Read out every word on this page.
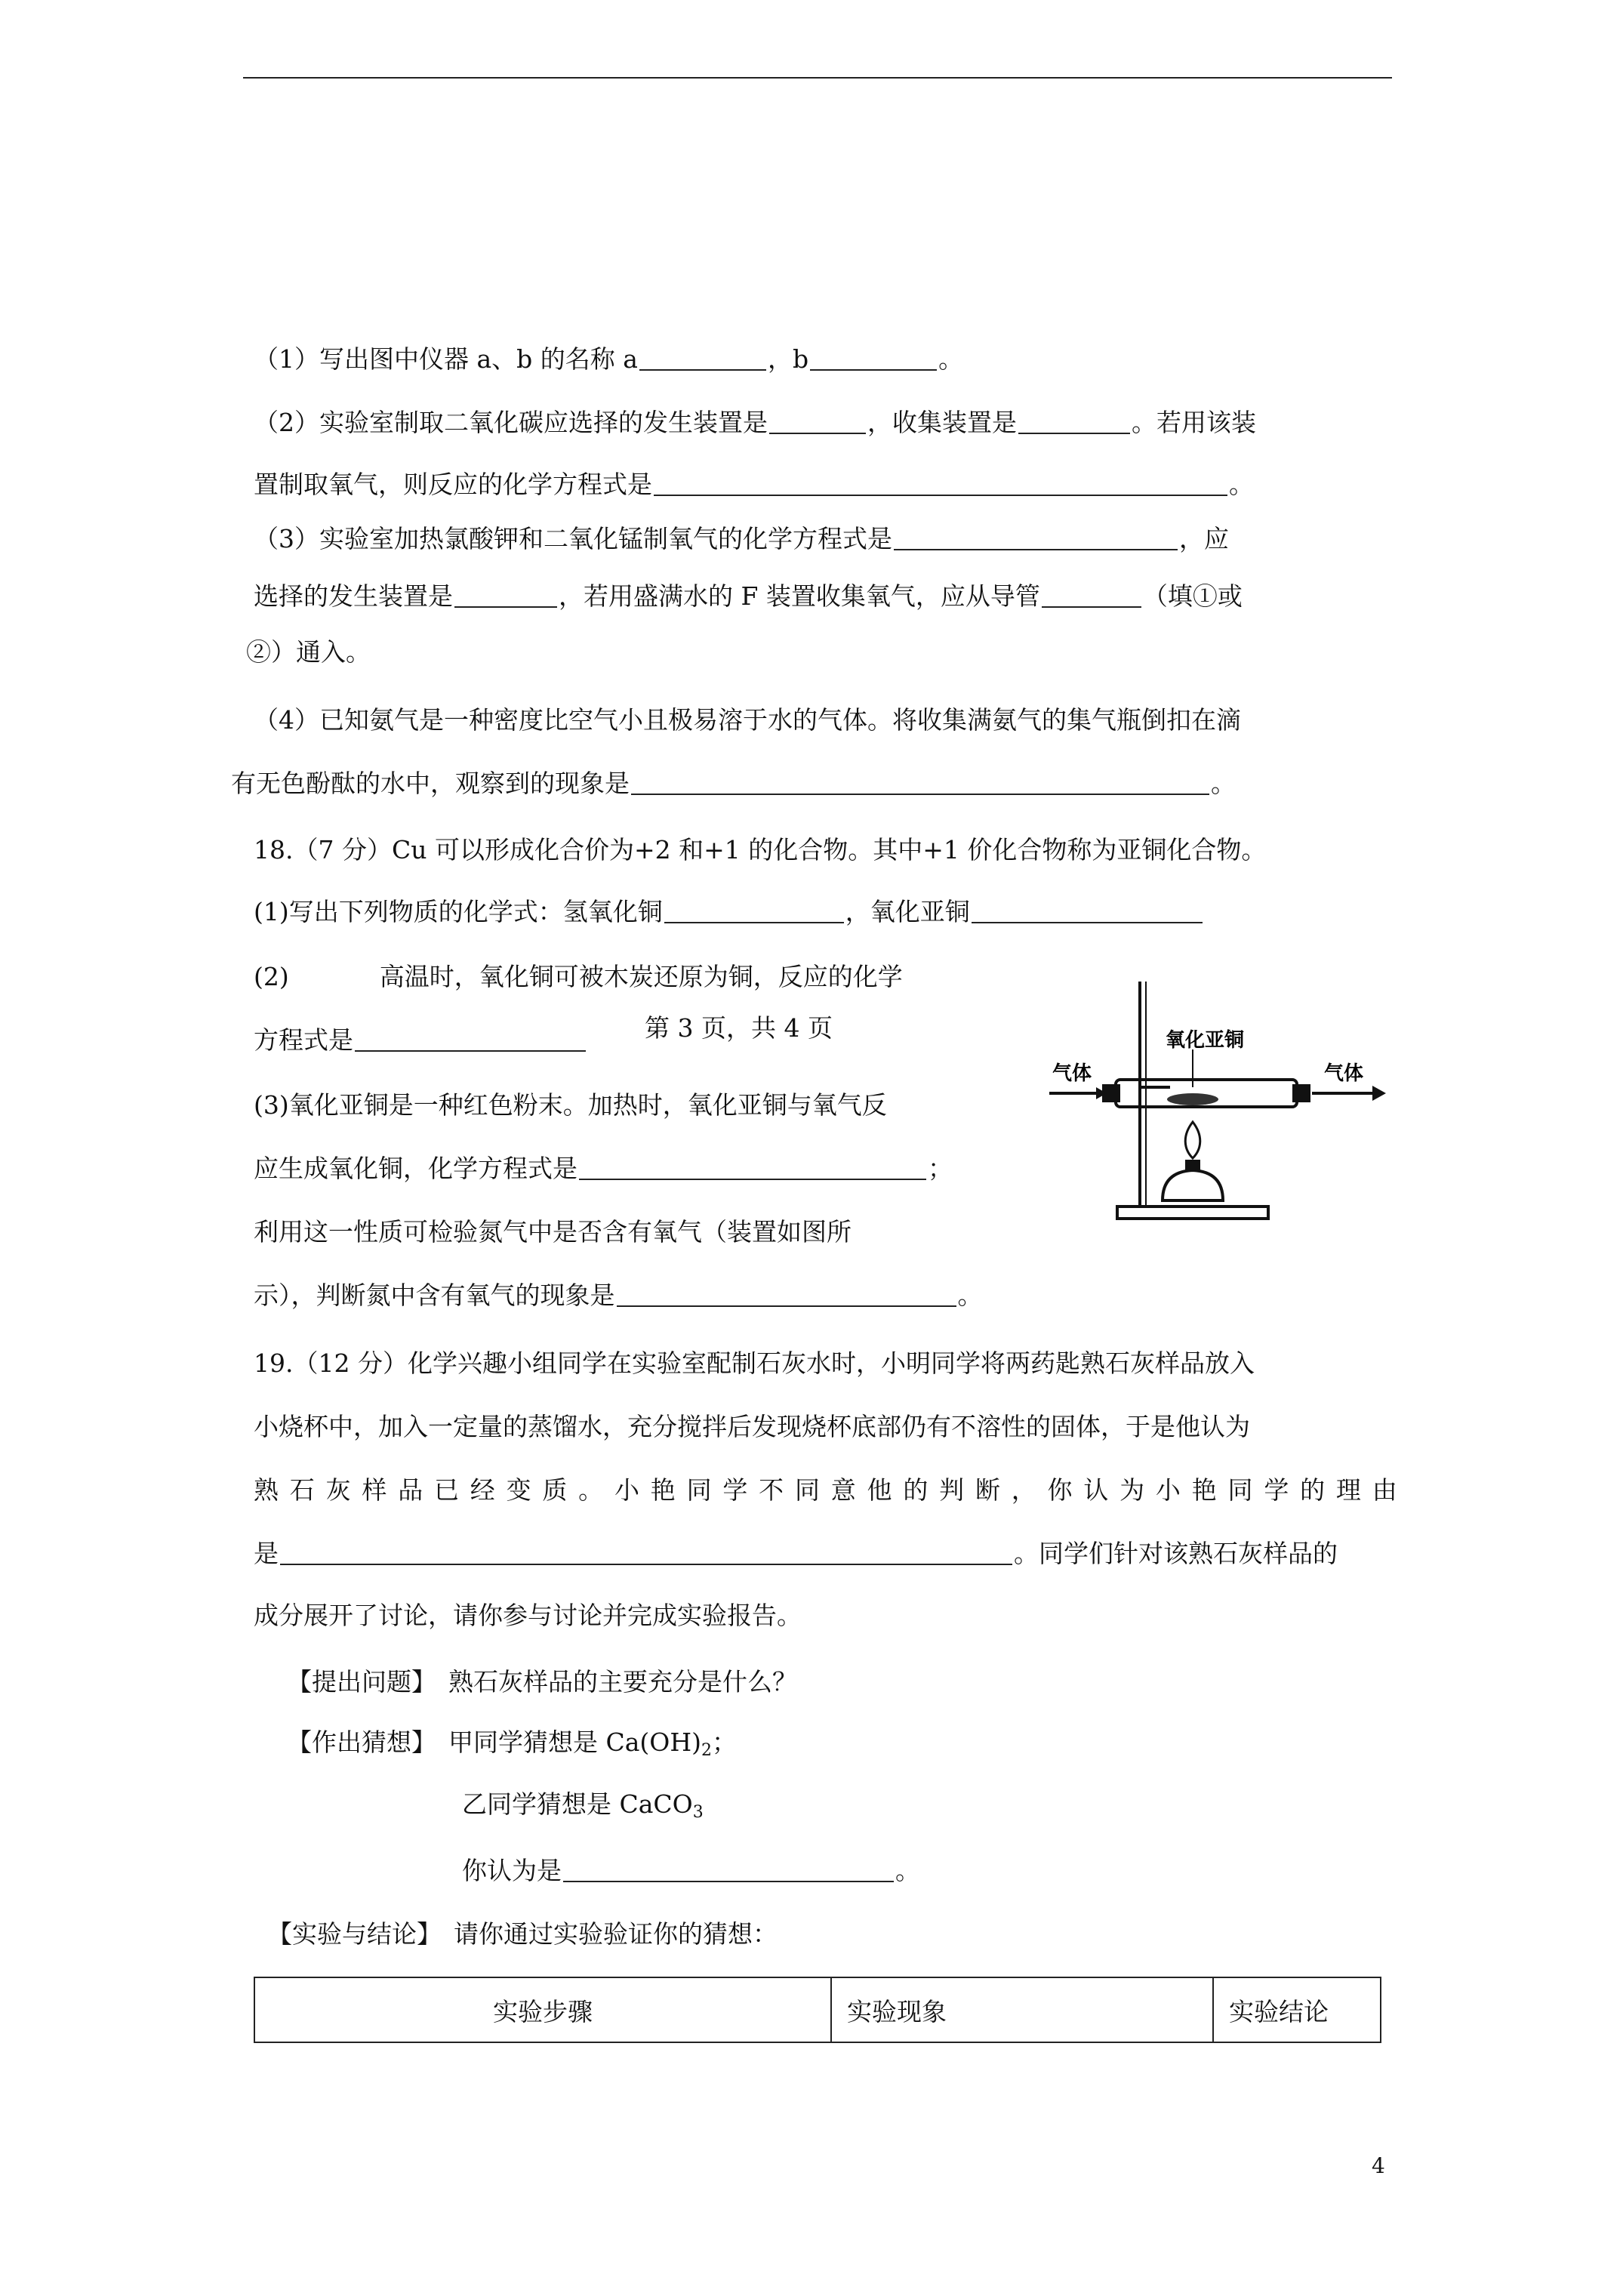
（1）写出图中仪器 a、b 的名称 a	，b	。
（2）实验室制取二氧化碳应选择的发生装置是	，收集装置是	。若用该装
置制取氧气，则反应的化学方程式是	。
（3）实验室加热氯酸钾和二氧化锰制氧气的化学方程式是	，应
选择的发生装置是	，若用盛满水的 F 装置收集氧气，应从导管	（填①或
②）通入。
（4）已知氨气是一种密度比空气小且极易溶于水的气体。将收集满氨气的集气瓶倒扣在滴
有无色酚酞的水中，观察到的现象是	。
18.（7 分）Cu 可以形成化合价为+2 和+1 的化合物。其中+1 价化合物称为亚铜化合物。
(1)写出下列物质的化学式：氢氧化铜	，氧化亚铜
(2)	高温时，氧化铜可被木炭还原为铜，反应的化学
方程式是	第 3 页，共 4 页
(3)氧化亚铜是一种红色粉末。加热时，氧化亚铜与氧气反
应生成氧化铜，化学方程式是	；
利用这一性质可检验氮气中是否含有氧气（装置如图所
示），判断氮中含有氧气的现象是	。
氧化亚铜
气体	气体
19.（12 分）化学兴趣小组同学在实验室配制石灰水时，小明同学将两药匙熟石灰样品放入
小烧杯中，加入一定量的蒸馏水，充分搅拌后发现烧杯底部仍有不溶性的固体，于是他认为
熟 石 灰 样 品 已 经 变 质 。 小 艳 同 学 不 同 意 他 的 判 断 ， 你 认 为 小 艳 同 学 的 理 由
是	。同学们针对该熟石灰样品的
成分展开了讨论，请你参与讨论并完成实验报告。
【提出问题】 熟石灰样品的主要充分是什么？
【作出猜想】 甲同学猜想是 $Ca(OH)_2$；
乙同学猜想是 CaCO$_3$
你认为是	。
【实验与结论】 请你通过实验验证你的猜想：
实验步骤	实验现象	实验结论
4
